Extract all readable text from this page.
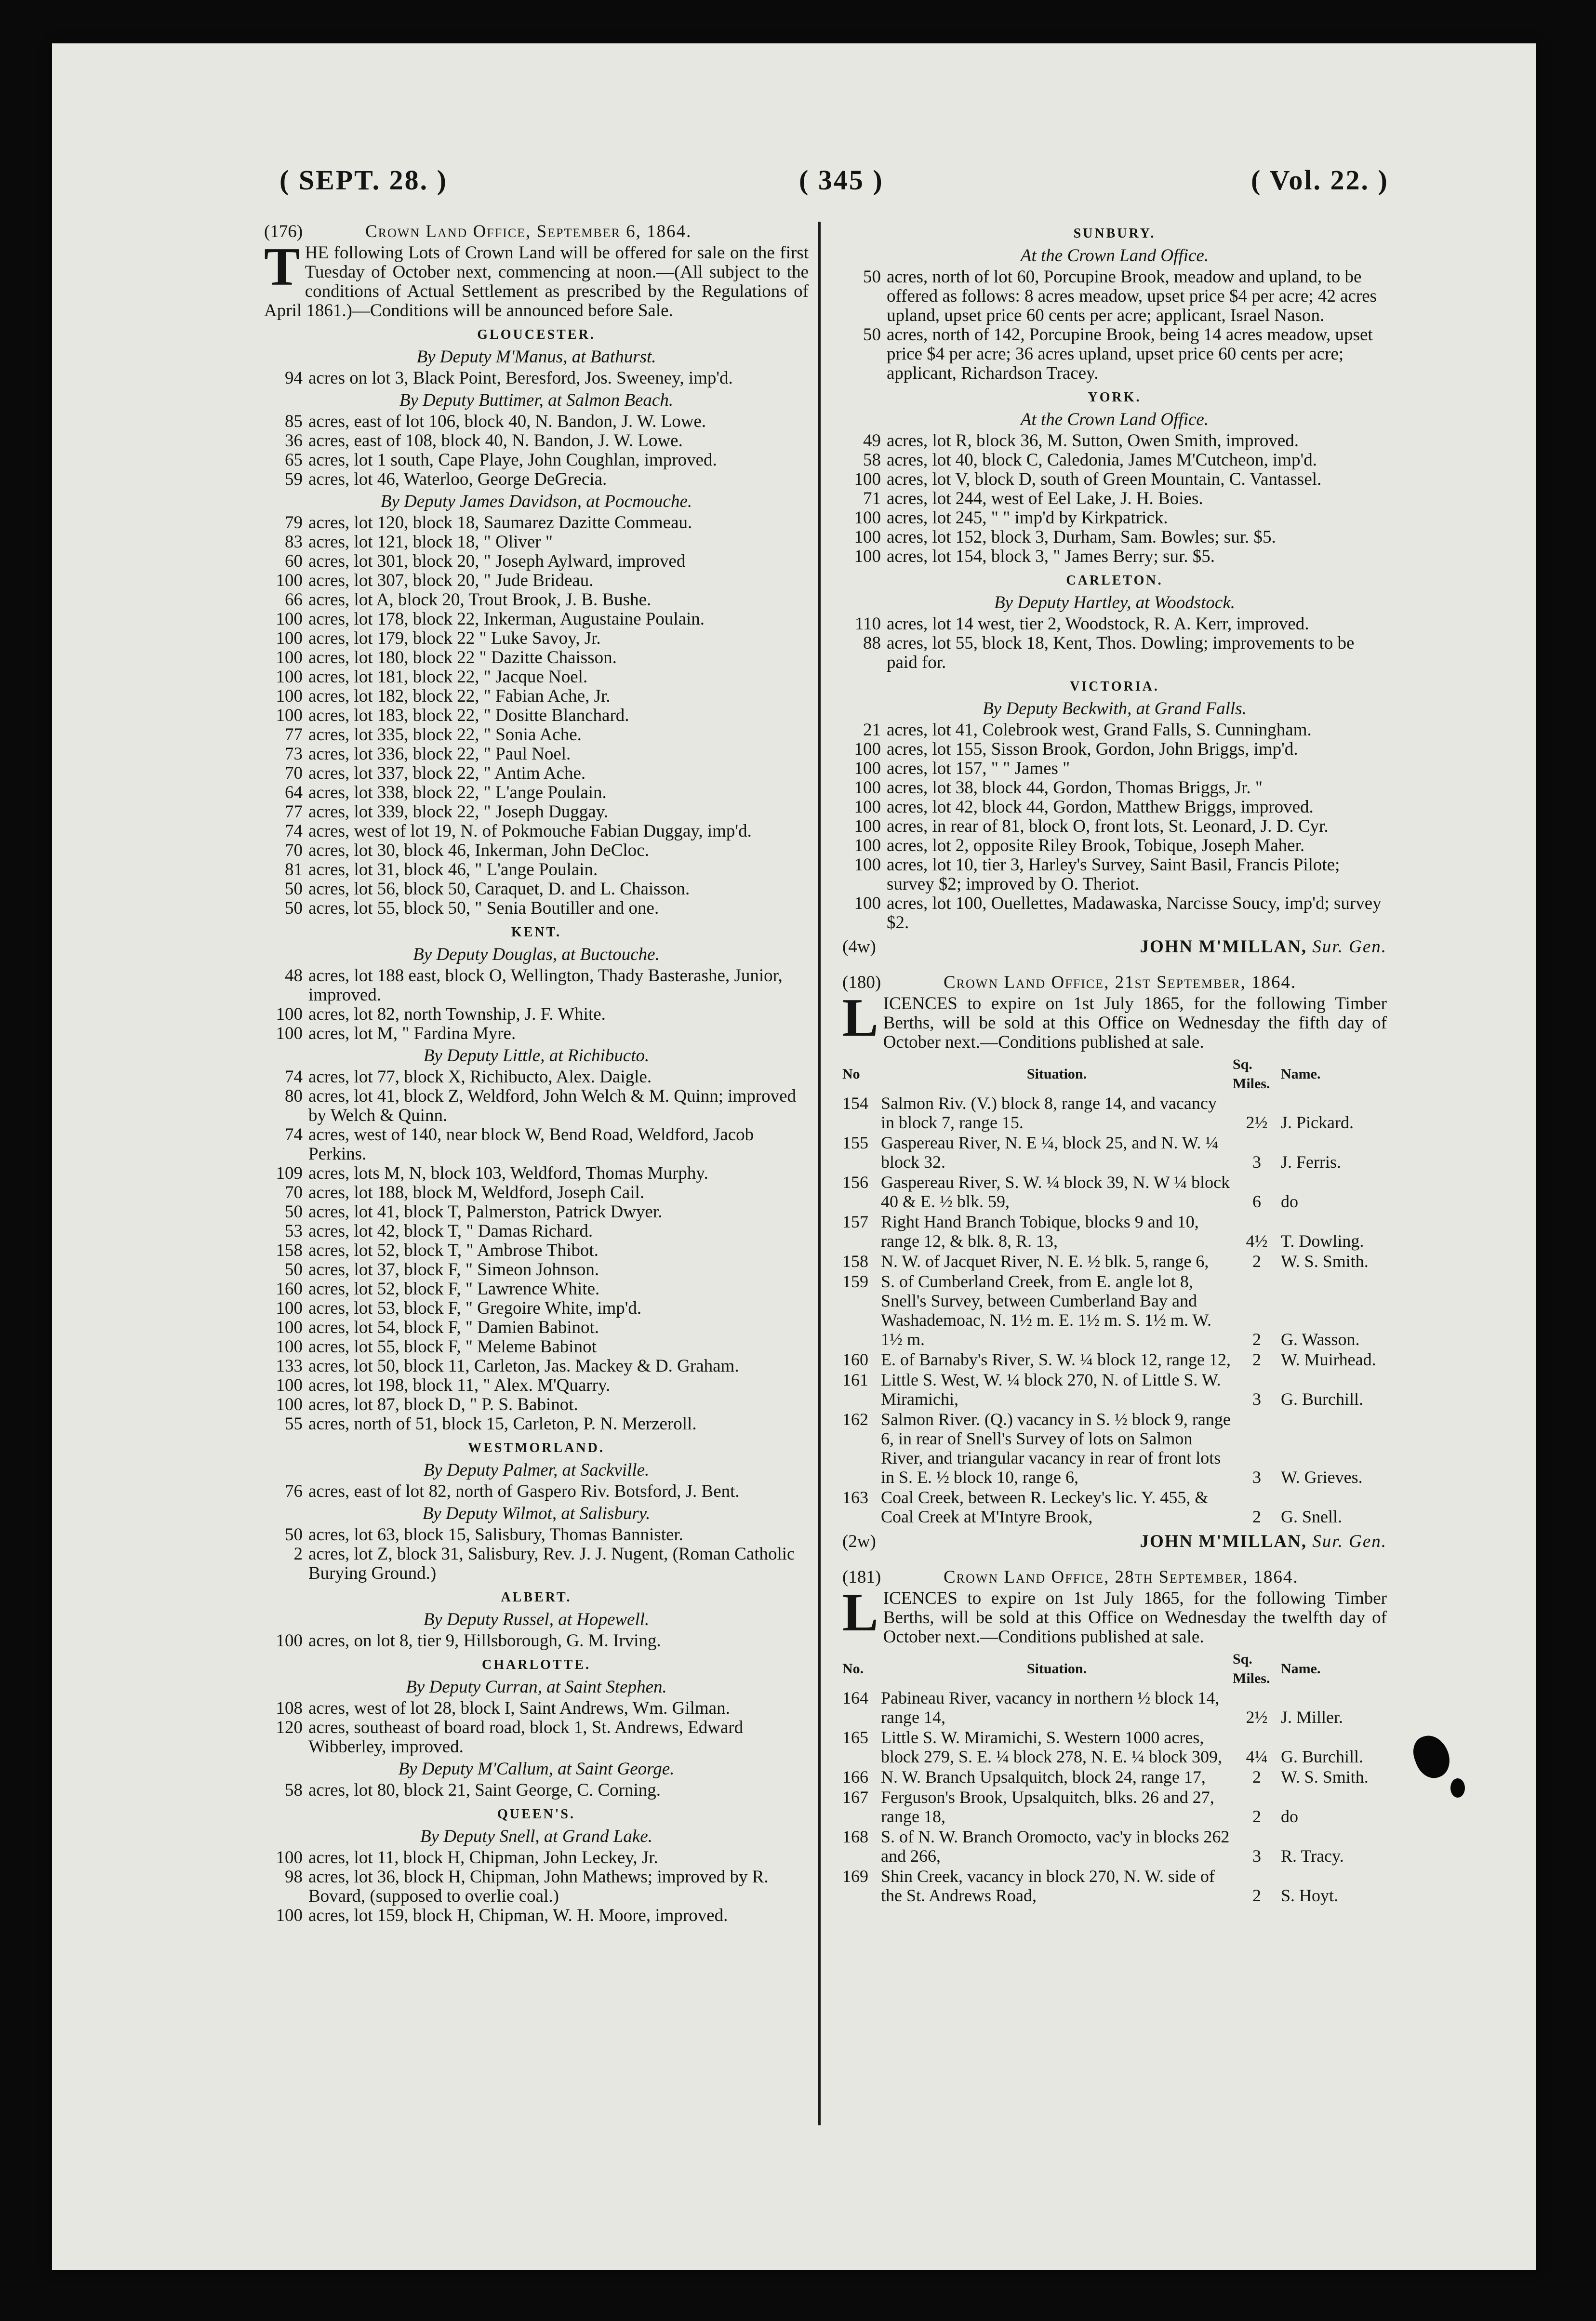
( SEPT. 28. )	( 345 )	( Vol. 22. )
(176)	Crown Land Office, September 6, 1864.
T HE following Lots of Crown Land will be offered for sale on the first Tuesday of October next, commencing at noon.—(All subject to the conditions of Actual Settlement as prescribed by the Regulations of April 1861.)—Conditions will be announced before Sale.
GLOUCESTER.
By Deputy M'Manus, at Bathurst.
94 acres on lot 3, Black Point, Beresford, Jos. Sweeney, imp'd.
By Deputy Buttimer, at Salmon Beach.
85 acres, east of lot 106, block 40, N. Bandon, J. W. Lowe.
36 acres, east of 108, block 40, N. Bandon, J. W. Lowe.
65 acres, lot 1 south, Cape Playe, John Coughlan, improved.
59 acres, lot 46, Waterloo, George DeGrecia.
By Deputy James Davidson, at Pocmouche.
79 acres, lot 120, block 18, Saumarez Dazitte Commeau.
83 acres, lot 121, block 18, " Oliver "
60 acres, lot 301, block 20, " Joseph Aylward, improved
100 acres, lot 307, block 20, " Jude Brideau.
66 acres, lot A, block 20, Trout Brook, J. B. Bushe.
100 acres, lot 178, block 22, Inkerman, Augustaine Poulain.
100 acres, lot 179, block 22 " Luke Savoy, Jr.
100 acres, lot 180, block 22 " Dazitte Chaisson.
100 acres, lot 181, block 22, " Jacque Noel.
100 acres, lot 182, block 22, " Fabian Ache, Jr.
100 acres, lot 183, block 22, " Dositte Blanchard.
77 acres, lot 335, block 22, " Sonia Ache.
73 acres, lot 336, block 22, " Paul Noel.
70 acres, lot 337, block 22, " Antim Ache.
64 acres, lot 338, block 22, " L'ange Poulain.
77 acres, lot 339, block 22, " Joseph Duggay.
74 acres, west of lot 19, N. of Pokmouche Fabian Duggay, imp'd.
70 acres, lot 30, block 46, Inkerman, John DeCloc.
81 acres, lot 31, block 46, " L'ange Poulain.
50 acres, lot 56, block 50, Caraquet, D. and L. Chaisson.
50 acres, lot 55, block 50, " Senia Boutiller and one.
KENT.
By Deputy Douglas, at Buctouche.
48 acres, lot 188 east, block O, Wellington, Thady Basterashe, Junior, improved.
100 acres, lot 82, north Township, J. F. White.
100 acres, lot M, " Fardina Myre.
By Deputy Little, at Richibucto.
74 acres, lot 77, block X, Richibucto, Alex. Daigle.
80 acres, lot 41, block Z, Weldford, John Welch & M. Quinn; improved by Welch & Quinn.
74 acres, west of 140, near block W, Bend Road, Weldford, Jacob Perkins.
109 acres, lots M, N, block 103, Weldford, Thomas Murphy.
70 acres, lot 188, block M, Weldford, Joseph Cail.
50 acres, lot 41, block T, Palmerston, Patrick Dwyer.
53 acres, lot 42, block T, " Damas Richard.
158 acres, lot 52, block T, " Ambrose Thibot.
50 acres, lot 37, block F, " Simeon Johnson.
160 acres, lot 52, block F, " Lawrence White.
100 acres, lot 53, block F, " Gregoire White, imp'd.
100 acres, lot 54, block F, " Damien Babinot.
100 acres, lot 55, block F, " Meleme Babinot
133 acres, lot 50, block 11, Carleton, Jas. Mackey & D. Graham.
100 acres, lot 198, block 11, " Alex. M'Quarry.
100 acres, lot 87, block D, " P. S. Babinot.
55 acres, north of 51, block 15, Carleton, P. N. Merzeroll.
WESTMORLAND.
By Deputy Palmer, at Sackville.
76 acres, east of lot 82, north of Gaspero Riv. Botsford, J. Bent.
By Deputy Wilmot, at Salisbury.
50 acres, lot 63, block 15, Salisbury, Thomas Bannister.
2 acres, lot Z, block 31, Salisbury, Rev. J. J. Nugent, (Roman Catholic Burying Ground.)
ALBERT.
By Deputy Russel, at Hopewell.
100 acres, on lot 8, tier 9, Hillsborough, G. M. Irving.
CHARLOTTE.
By Deputy Curran, at Saint Stephen.
108 acres, west of lot 28, block I, Saint Andrews, Wm. Gilman.
120 acres, southeast of board road, block 1, St. Andrews, Edward Wibberley, improved.
By Deputy M'Callum, at Saint George.
58 acres, lot 80, block 21, Saint George, C. Corning.
QUEEN'S.
By Deputy Snell, at Grand Lake.
100 acres, lot 11, block H, Chipman, John Leckey, Jr.
98 acres, lot 36, block H, Chipman, John Mathews; improved by R. Bovard, (supposed to overlie coal.)
100 acres, lot 159, block H, Chipman, W. H. Moore, improved.
SUNBURY.
At the Crown Land Office.
50 acres, north of lot 60, Porcupine Brook, meadow and upland, to be offered as follows: 8 acres meadow, upset price $4 per acre; 42 acres upland, upset price 60 cents per acre; applicant, Israel Nason.
50 acres, north of 142, Porcupine Brook, being 14 acres meadow, upset price $4 per acre; 36 acres upland, upset price 60 cents per acre; applicant, Richardson Tracey.
YORK.
At the Crown Land Office.
49 acres, lot R, block 36, M. Sutton, Owen Smith, improved.
58 acres, lot 40, block C, Caledonia, James M'Cutcheon, imp'd.
100 acres, lot V, block D, south of Green Mountain, C. Vantassel.
71 acres, lot 244, west of Eel Lake, J. H. Boies.
100 acres, lot 245, " " imp'd by Kirkpatrick.
100 acres, lot 152, block 3, Durham, Sam. Bowles; sur. $5.
100 acres, lot 154, block 3, " James Berry; sur. $5.
CARLETON.
By Deputy Hartley, at Woodstock.
110 acres, lot 14 west, tier 2, Woodstock, R. A. Kerr, improved.
88 acres, lot 55, block 18, Kent, Thos. Dowling; improvements to be paid for.
VICTORIA.
By Deputy Beckwith, at Grand Falls.
21 acres, lot 41, Colebrook west, Grand Falls, S. Cunningham.
100 acres, lot 155, Sisson Brook, Gordon, John Briggs, imp'd.
100 acres, lot 157, " " James "
100 acres, lot 38, block 44, Gordon, Thomas Briggs, Jr. "
100 acres, lot 42, block 44, Gordon, Matthew Briggs, improved.
100 acres, in rear of 81, block O, front lots, St. Leonard, J. D. Cyr.
100 acres, lot 2, opposite Riley Brook, Tobique, Joseph Maher.
100 acres, lot 10, tier 3, Harley's Survey, Saint Basil, Francis Pilote; survey $2; improved by O. Theriot.
100 acres, lot 100, Ouellettes, Madawaska, Narcisse Soucy, imp'd; survey $2.
(4w)	JOHN M'MILLAN, Sur. Gen.
(180)	Crown Land Office, 21st September, 1864.
L ICENCES to expire on 1st July 1865, for the following Timber Berths, will be sold at this Office on Wednesday the fifth day of October next.—Conditions published at sale.
No	Situation.	Sq. Miles.	Name.
154	Salmon Riv. (V.) block 8, range 14, and vacancy in block 7, range 15.	2½	J. Pickard.
155	Gaspereau River, N. E ¼, block 25, and N. W. ¼ block 32.	3	J. Ferris.
156	Gaspereau River, S. W. ¼ block 39, N. W ¼ block 40 & E. ½ blk. 59,	6	do
157	Right Hand Branch Tobique, blocks 9 and 10, range 12, & blk. 8, R. 13,	4½	T. Dowling.
158	N. W. of Jacquet River, N. E. ½ blk. 5, range 6,	2	W. S. Smith.
159	S. of Cumberland Creek, from E. angle lot 8, Snell's Survey, between Cumberland Bay and Washademoac, N. 1½ m. E. 1½ m. S. 1½ m. W. 1½ m.	2	G. Wasson.
160	E. of Barnaby's River, S. W. ¼ block 12, range 12,	2	W. Muirhead.
161	Little S. West, W. ¼ block 270, N. of Little S. W. Miramichi,	3	G. Burchill.
162	Salmon River. (Q.) vacancy in S. ½ block 9, range 6, in rear of Snell's Survey of lots on Salmon River, and triangular vacancy in rear of front lots in S. E. ½ block 10, range 6,	3	W. Grieves.
163	Coal Creek, between R. Leckey's lic. Y. 455, & Coal Creek at M'Intyre Brook,	2	G. Snell.
(2w)	JOHN M'MILLAN, Sur. Gen.
(181)	Crown Land Office, 28th September, 1864.
L ICENCES to expire on 1st July 1865, for the following Timber Berths, will be sold at this Office on Wednesday the twelfth day of October next.—Conditions published at sale.
No.	Situation.	Sq. Miles.	Name.
164	Pabineau River, vacancy in northern ½ block 14, range 14,	2½	J. Miller.
165	Little S. W. Miramichi, S. Western 1000 acres, block 279, S. E. ¼ block 278, N. E. ¼ block 309,	4¼	G. Burchill.
166	N. W. Branch Upsalquitch, block 24, range 17,	2	W. S. Smith.
167	Ferguson's Brook, Upsalquitch, blks. 26 and 27, range 18,	2	do
168	S. of N. W. Branch Oromocto, vac'y in blocks 262 and 266,	3	R. Tracy.
169	Shin Creek, vacancy in block 270, N. W. side of the St. Andrews Road,	2	S. Hoyt.
